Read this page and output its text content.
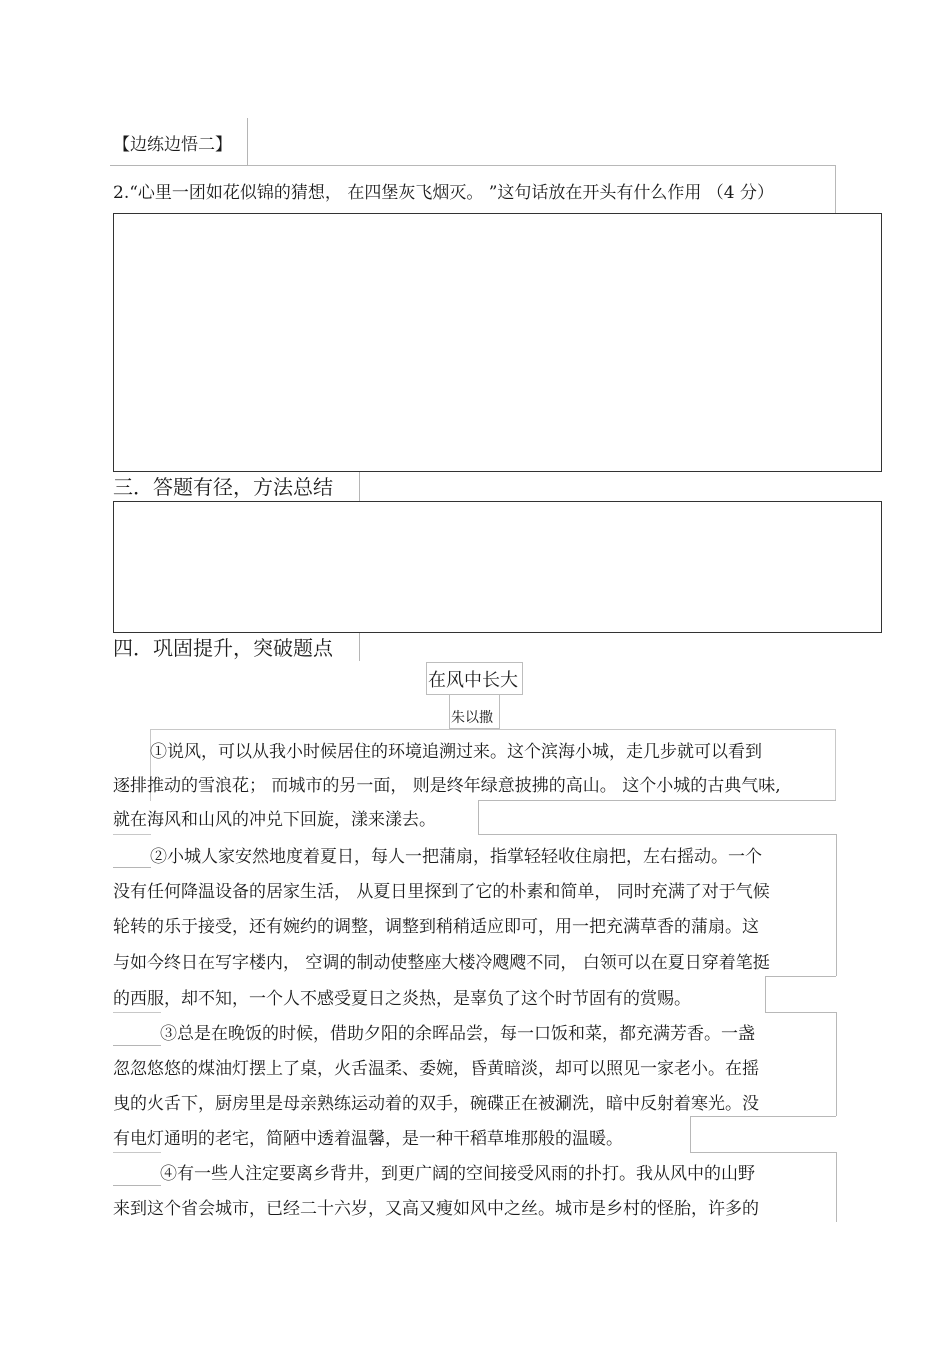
【边练边悟二】
2.“心里一团如花似锦的猜想， 在四堡灰飞烟灭。 ”这句话放在开头有什么作用 （4 分）
三．答题有径，方法总结
四．巩固提升，突破题点
在风中长大
朱以撒
①说风，可以从我小时候居住的环境追溯过来。这个滨海小城，走几步就可以看到
逐排推动的雪浪花； 而城市的另一面， 则是终年绿意披拂的高山。 这个小城的古典气味,
就在海风和山风的冲兑下回旋，漾来漾去。
②小城人家安然地度着夏日，每人一把蒲扇，指掌轻轻收住扇把，左右摇动。一个
没有任何降温设备的居家生活， 从夏日里探到了它的朴素和简单， 同时充满了对于气候
轮转的乐于接受，还有婉约的调整，调整到稍稍适应即可，用一把充满草香的蒲扇。这
与如今终日在写字楼内， 空调的制动使整座大楼冷飕飕不同， 白领可以在夏日穿着笔挺
的西服，却不知，一个人不感受夏日之炎热，是辜负了这个时节固有的赏赐。
③总是在晚饭的时候，借助夕阳的余晖品尝，每一口饭和菜，都充满芳香。一盏
忽忽悠悠的煤油灯摆上了桌，火舌温柔、委婉，昏黄暗淡，却可以照见一家老小。在摇
曳的火舌下，厨房里是母亲熟练运动着的双手，碗碟正在被涮洗，暗中反射着寒光。没
有电灯通明的老宅，简陋中透着温馨，是一种干稻草堆那般的温暖。
④有一些人注定要离乡背井，到更广阔的空间接受风雨的扑打。我从风中的山野
来到这个省会城市，已经二十六岁，又高又瘦如风中之丝。城市是乡村的怪胎，许多的
